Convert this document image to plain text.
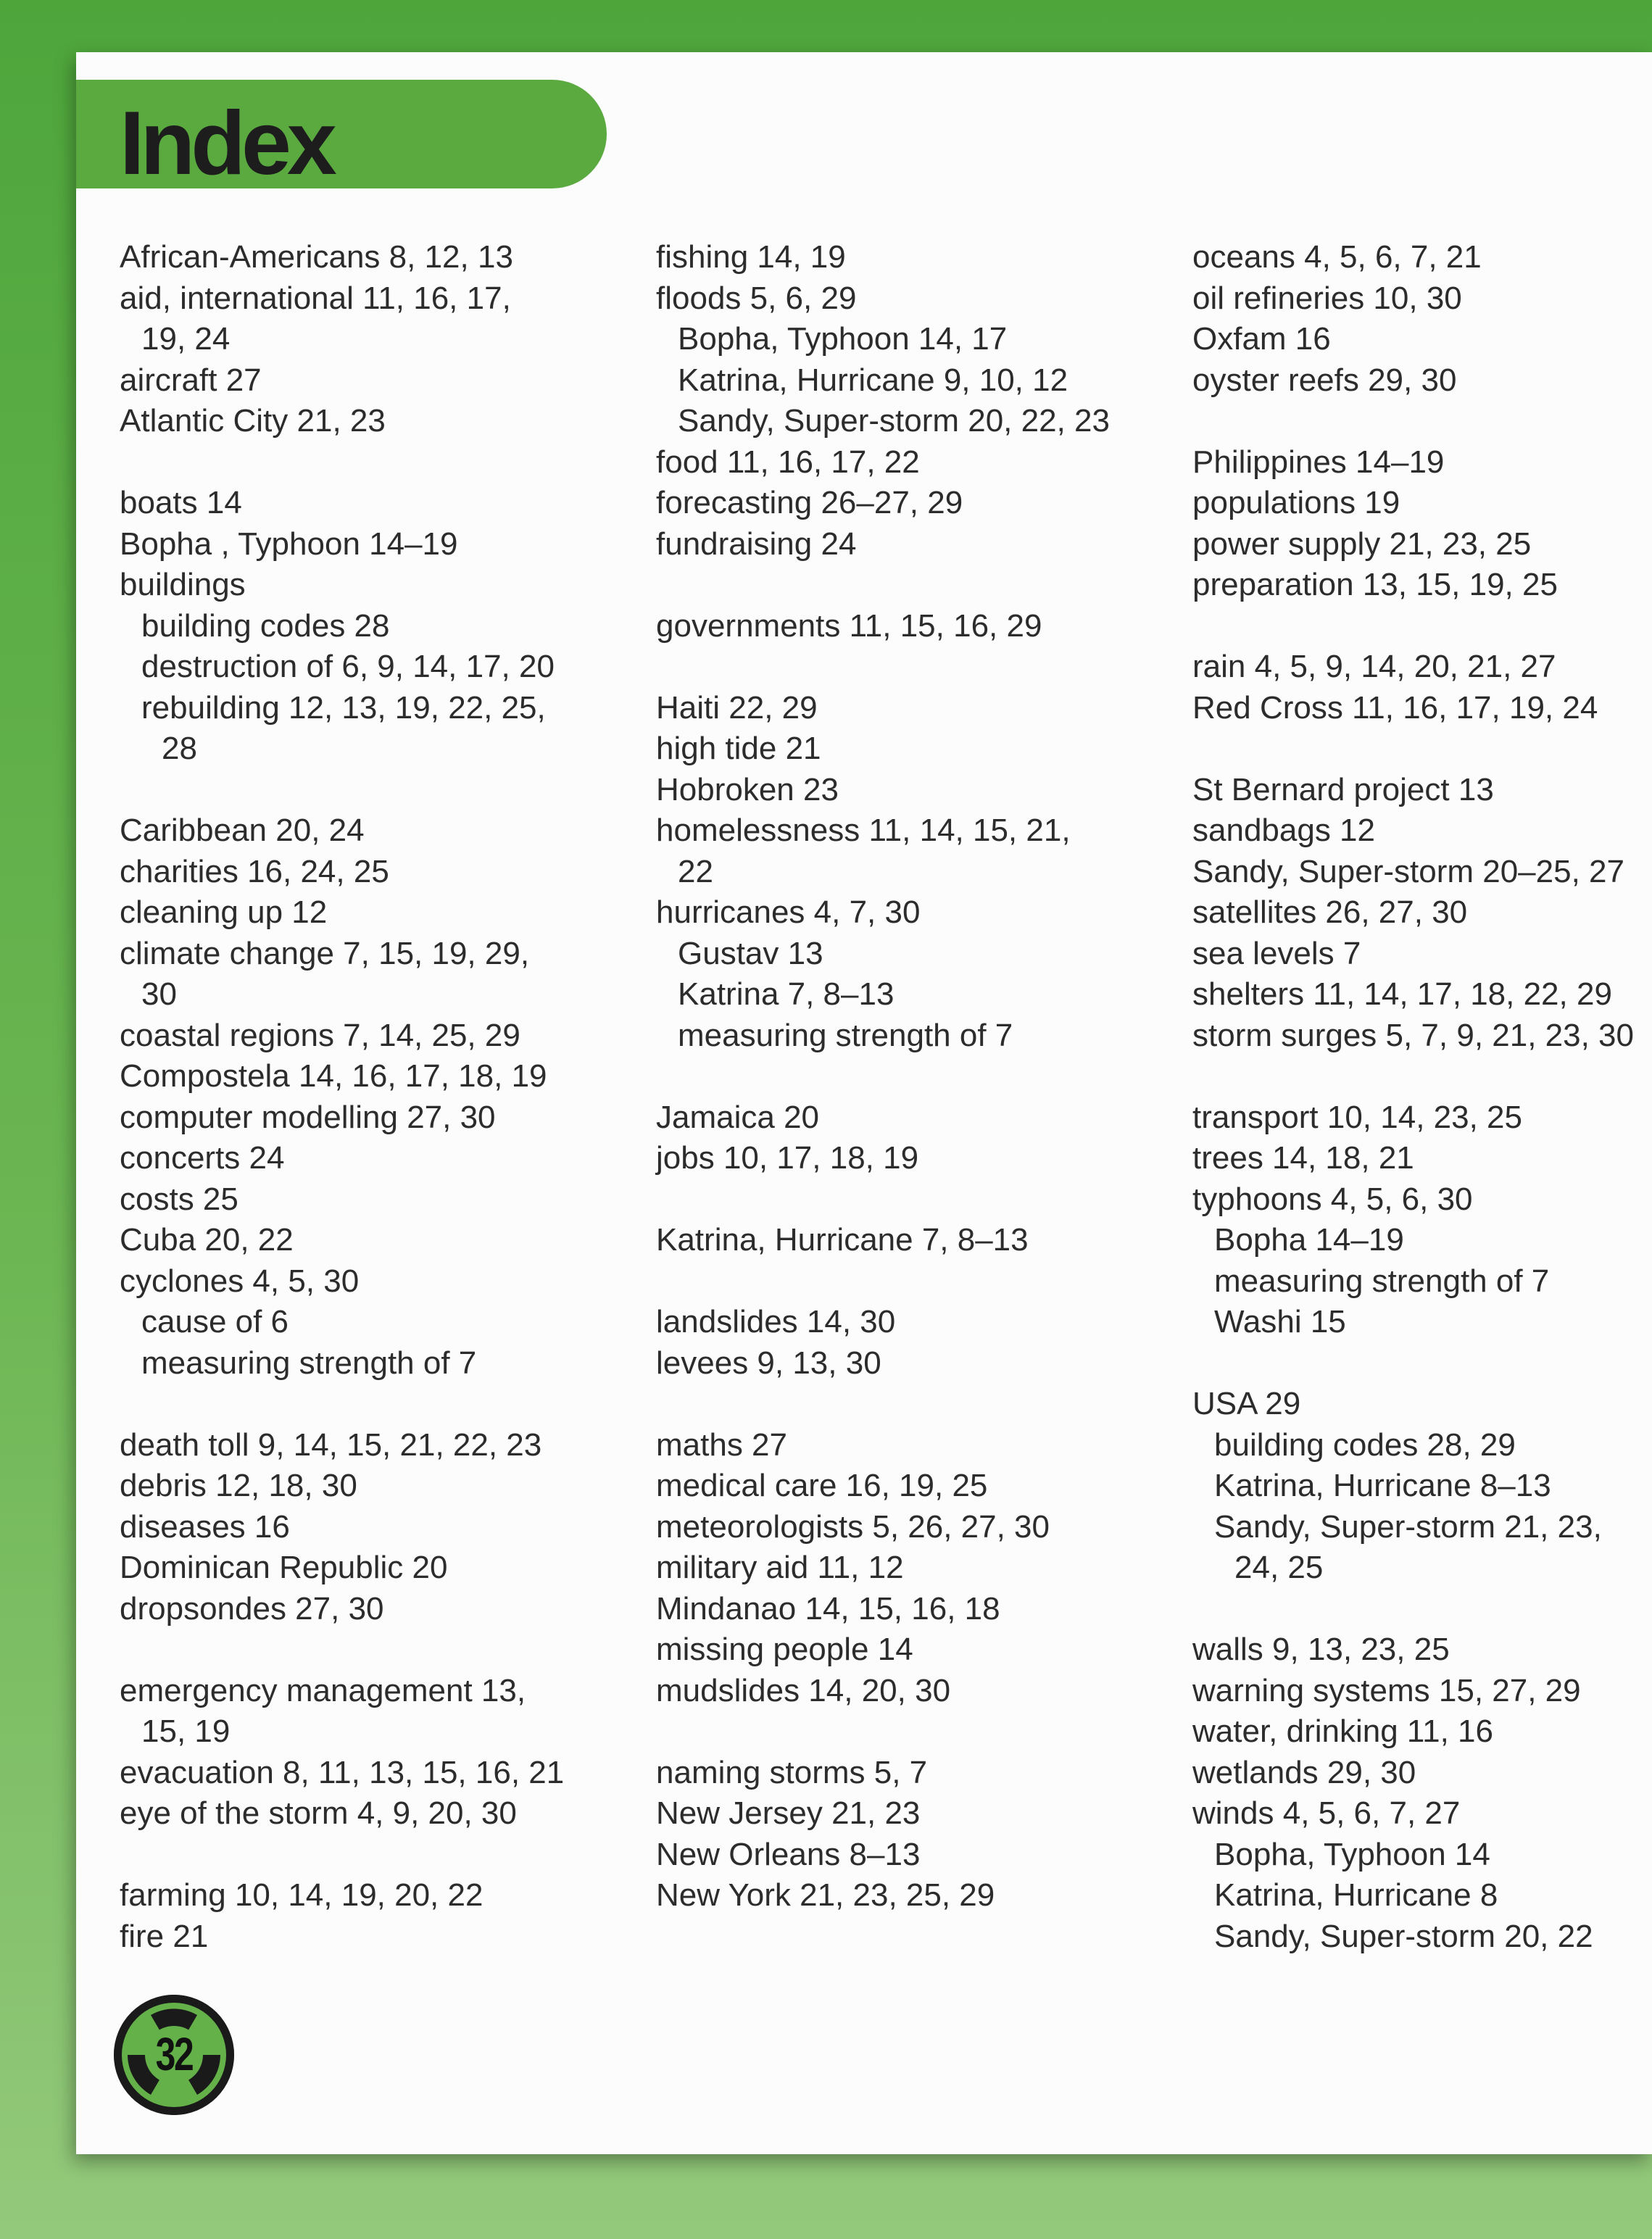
Index
African-Americans 8, 12, 13
aid, international 11, 16, 17,
19, 24
aircraft 27
Atlantic City 21, 23
boats 14
Bopha , Typhoon 14–19
buildings
building codes 28
destruction of 6, 9, 14, 17, 20
rebuilding 12, 13, 19, 22, 25,
28
Caribbean 20, 24
charities 16, 24, 25
cleaning up 12
climate change 7, 15, 19, 29,
30
coastal regions 7, 14, 25, 29
Compostela 14, 16, 17, 18, 19
computer modelling 27, 30
concerts 24
costs 25
Cuba 20, 22
cyclones 4, 5, 30
cause of 6
measuring strength of 7
death toll 9, 14, 15, 21, 22, 23
debris 12, 18, 30
diseases 16
Dominican Republic 20
dropsondes 27, 30
emergency management 13,
15, 19
evacuation 8, 11, 13, 15, 16, 21
eye of the storm 4, 9, 20, 30
farming 10, 14, 19, 20, 22
fire 21
fishing 14, 19
floods 5, 6, 29
Bopha, Typhoon 14, 17
Katrina, Hurricane 9, 10, 12
Sandy, Super-storm 20, 22, 23
food 11, 16, 17, 22
forecasting 26–27, 29
fundraising 24
governments 11, 15, 16, 29
Haiti 22, 29
high tide 21
Hobroken 23
homelessness 11, 14, 15, 21,
22
hurricanes 4, 7, 30
Gustav 13
Katrina 7, 8–13
measuring strength of 7
Jamaica 20
jobs 10, 17, 18, 19
Katrina, Hurricane 7, 8–13
landslides 14, 30
levees 9, 13, 30
maths 27
medical care 16, 19, 25
meteorologists 5, 26, 27, 30
military aid 11, 12
Mindanao 14, 15, 16, 18
missing people 14
mudslides 14, 20, 30
naming storms 5, 7
New Jersey 21, 23
New Orleans 8–13
New York 21, 23, 25, 29
oceans 4, 5, 6, 7, 21
oil refineries 10, 30
Oxfam 16
oyster reefs 29, 30
Philippines 14–19
populations 19
power supply 21, 23, 25
preparation 13, 15, 19, 25
rain 4, 5, 9, 14, 20, 21, 27
Red Cross 11, 16, 17, 19, 24
St Bernard project 13
sandbags 12
Sandy, Super-storm 20–25, 27
satellites 26, 27, 30
sea levels 7
shelters 11, 14, 17, 18, 22, 29
storm surges 5, 7, 9, 21, 23, 30
transport 10, 14, 23, 25
trees 14, 18, 21
typhoons 4, 5, 6, 30
Bopha 14–19
measuring strength of 7
Washi 15
USA 29
building codes 28, 29
Katrina, Hurricane 8–13
Sandy, Super-storm 21, 23,
24, 25
walls 9, 13, 23, 25
warning systems 15, 27, 29
water, drinking 11, 16
wetlands 29, 30
winds 4, 5, 6, 7, 27
Bopha, Typhoon 14
Katrina, Hurricane 8
Sandy, Super-storm 20, 22
32
